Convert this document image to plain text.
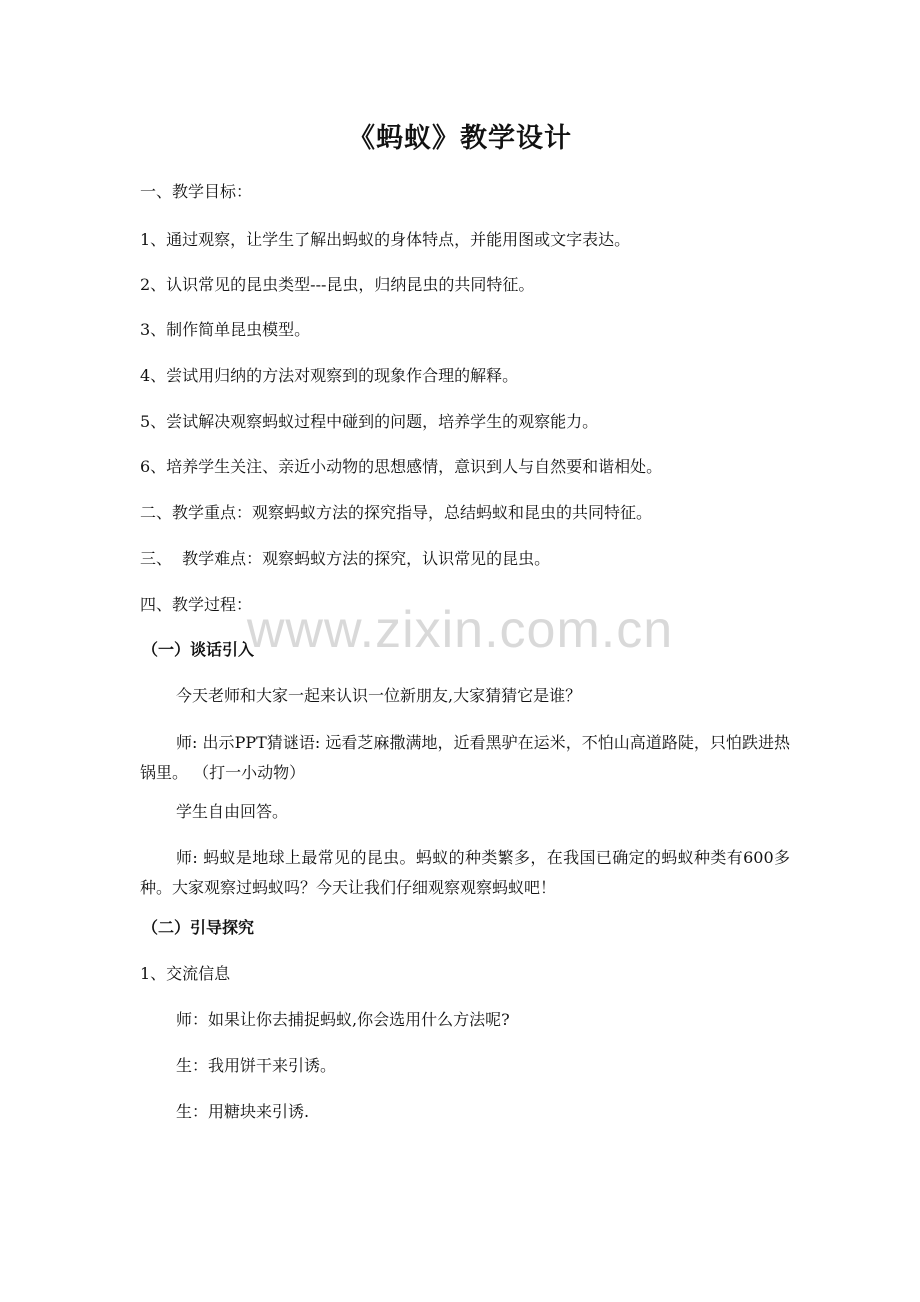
www.zixin.com.cn
《蚂蚁》教学设计
一、教学目标：
1、通过观察，让学生了解出蚂蚁的身体特点，并能用图或文字表达。
2、认识常见的昆虫类型---昆虫，归纳昆虫的共同特征。
3、制作简单昆虫模型。
4、尝试用归纳的方法对观察到的现象作合理的解释。
5、尝试解决观察蚂蚁过程中碰到的问题，培养学生的观察能力。
6、培养学生关注、亲近小动物的思想感情，意识到人与自然要和谐相处。
二、教学重点：观察蚂蚁方法的探究指导，总结蚂蚁和昆虫的共同特征。
三、  教学难点：观察蚂蚁方法的探究，认识常见的昆虫。
四、教学过程：
（一）谈话引入
今天老师和大家一起来认识一位新朋友,大家猜猜它是谁？
师: 出示PPT猜谜语: 远看芝麻撒满地，近看黑驴在运米，不怕山高道路陡，只怕跌进热锅里。 （打一小动物）
学生自由回答。
师: 蚂蚁是地球上最常见的昆虫。蚂蚁的种类繁多，在我国已确定的蚂蚁种类有600多种。大家观察过蚂蚁吗？今天让我们仔细观察观察蚂蚁吧！
（二）引导探究
1、交流信息
师：如果让你去捕捉蚂蚁,你会选用什么方法呢?
生：我用饼干来引诱。
生：用糖块来引诱.
